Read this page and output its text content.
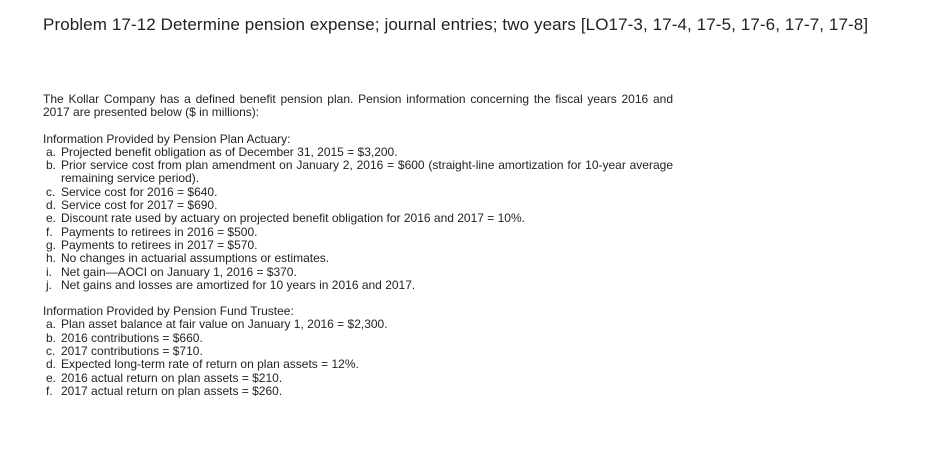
Problem 17-12 Determine pension expense; journal entries; two years [LO17-3, 17-4, 17-5, 17-6, 17-7, 17-8]

The Kollar Company has a defined benefit pension plan. Pension information concerning the fiscal years 2016 and 2017 are presented below ($ in millions):

Information Provided by Pension Plan Actuary:

a. Projected benefit obligation as of December 31, 2015 = $3,200.
b. Prior service cost from plan amendment on January 2, 2016 = $600 (straight-line amortization for 10-year average remaining service period).
c. Service cost for 2016 = $640.
d. Service cost for 2017 = $690.
e. Discount rate used by actuary on projected benefit obligation for 2016 and 2017 = 10%.
f. Payments to retirees in 2016 = $500.
g. Payments to retirees in 2017 = $570.
h. No changes in actuarial assumptions or estimates.
i. Net gain—AOCI on January 1, 2016 = $370.
j. Net gains and losses are amortized for 10 years in 2016 and 2017.

Information Provided by Pension Fund Trustee:

a. Plan asset balance at fair value on January 1, 2016 = $2,300.
b. 2016 contributions = $660.
c. 2017 contributions = $710.
d. Expected long-term rate of return on plan assets = 12%.
e. 2016 actual return on plan assets = $210.
f. 2017 actual return on plan assets = $260.
